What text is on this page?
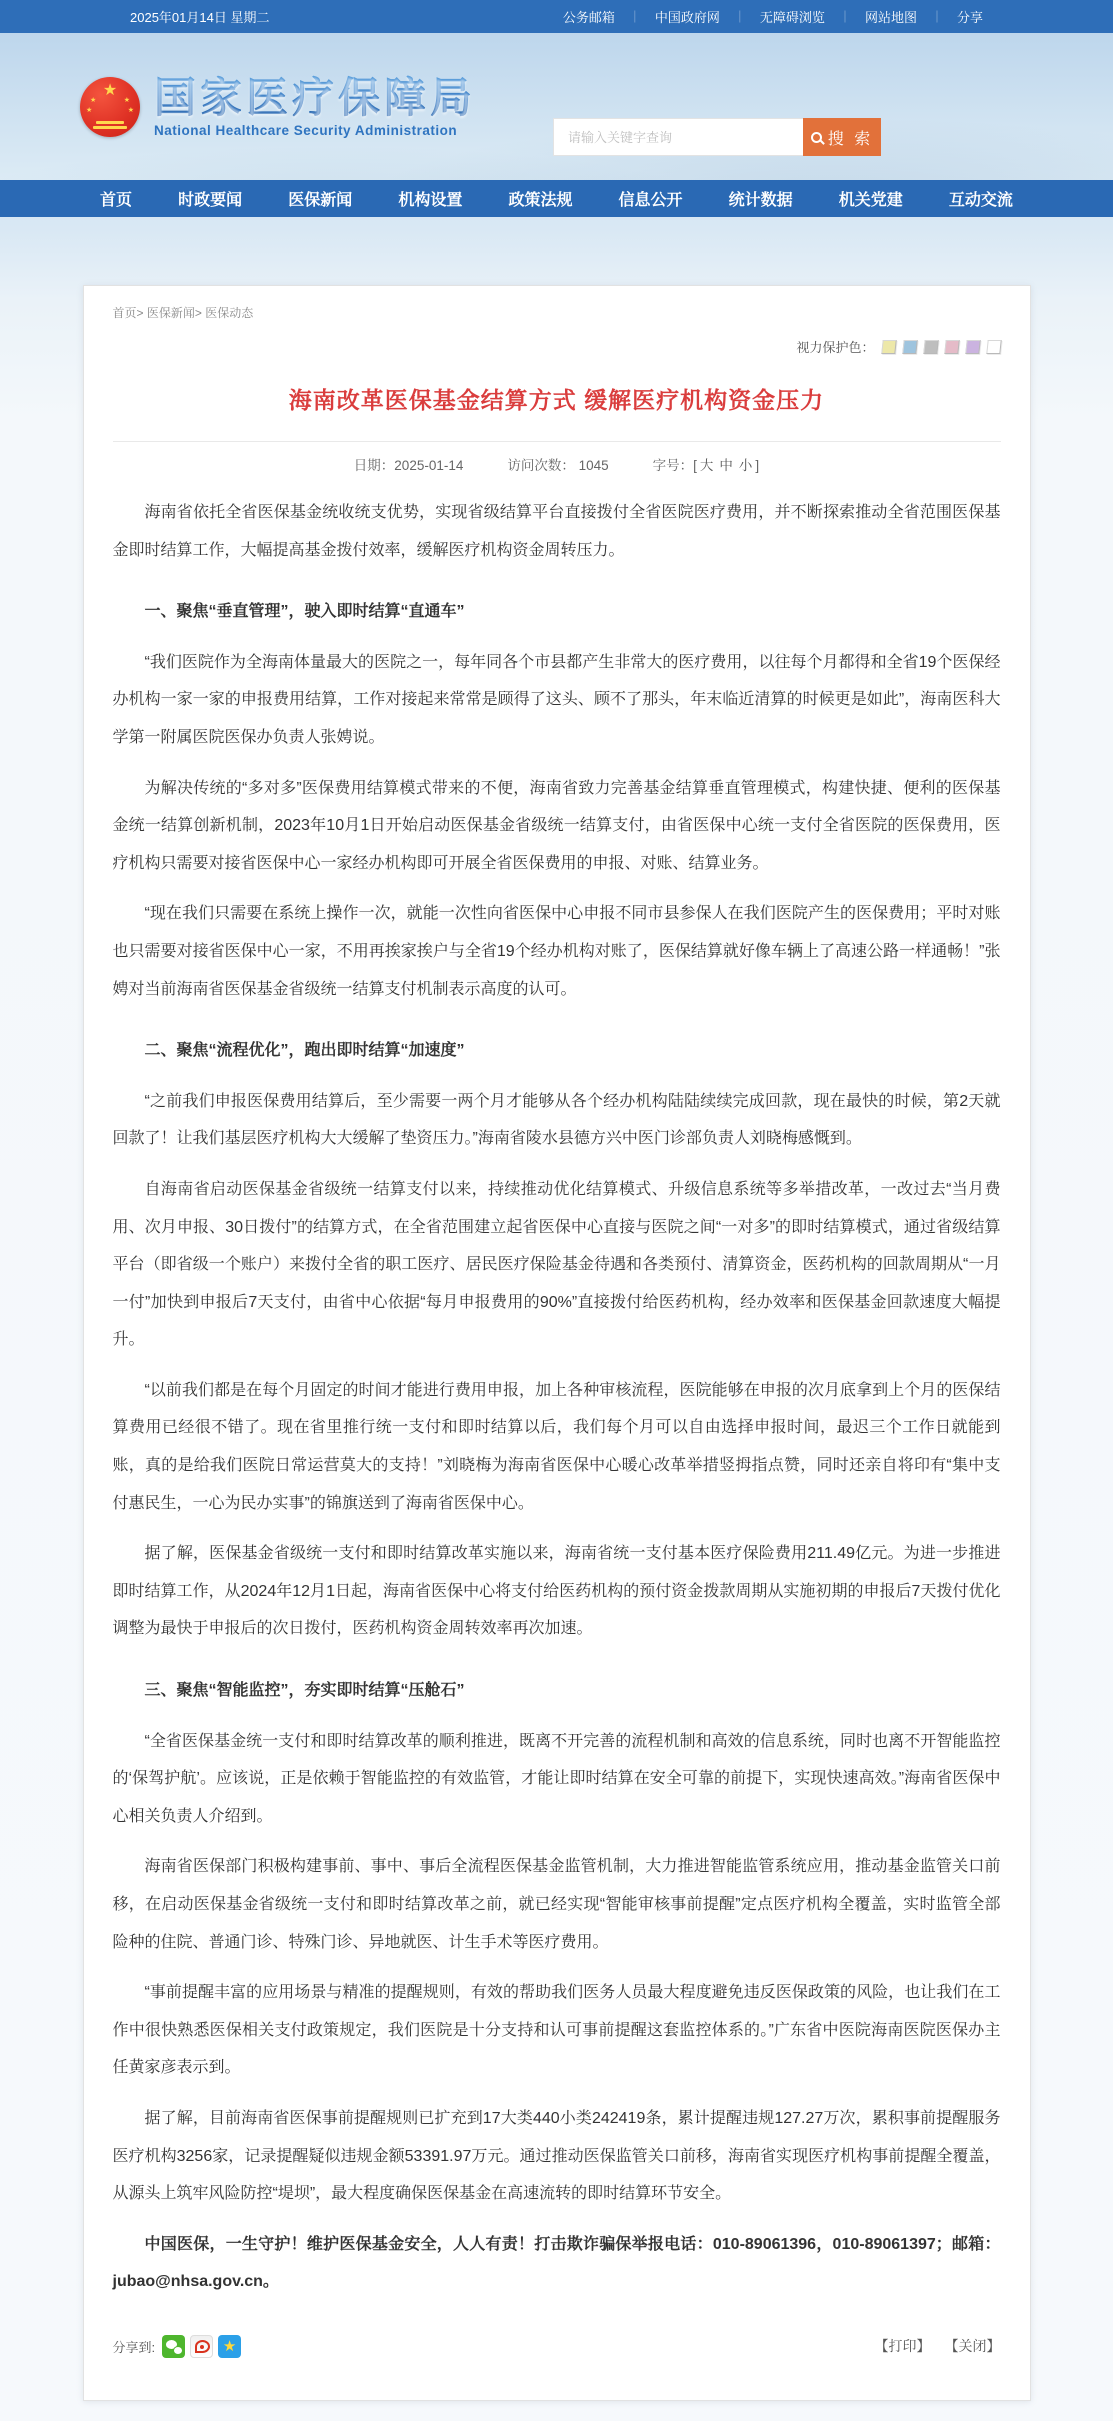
2025年01月14日 星期二	公务邮箱 ｜ 中国政府网 ｜ 无障碍浏览 ｜ 网站地图 ｜ 分享
★
★	★
★	★ 国家医疗保障局
National Healthcare Security Administration
请输入关键字查询	搜 索
首页	时政要闻	医保新闻	机构设置	政策法规	信息公开	统计数据	机关党建	互动交流
首页> 医保新闻> 医保动态
视力保护色：
海南改革医保基金结算方式 缓解医疗机构资金压力
日期：2025-01-14	访问次数： 1045	字号：[ 大 中 小 ]

海南省依托全省医保基金统收统支优势，实现省级结算平台直接拨付全省医院医疗费用，并不断探索推动全省范围医保基金即时结算工作，大幅提高基金拨付效率，缓解医疗机构资金周转压力。

一、聚焦“垂直管理”，驶入即时结算“直通车”

“我们医院作为全海南体量最大的医院之一，每年同各个市县都产生非常大的医疗费用，以往每个月都得和全省19个医保经办机构一家一家的申报费用结算，工作对接起来常常是顾得了这头、顾不了那头，年末临近清算的时候更是如此”，海南医科大学第一附属医院医保办负责人张娉说。

为解决传统的“多对多”医保费用结算模式带来的不便，海南省致力完善基金结算垂直管理模式，构建快捷、便利的医保基金统一结算创新机制，2023年10月1日开始启动医保基金省级统一结算支付，由省医保中心统一支付全省医院的医保费用，医疗机构只需要对接省医保中心一家经办机构即可开展全省医保费用的申报、对账、结算业务。

“现在我们只需要在系统上操作一次，就能一次性向省医保中心申报不同市县参保人在我们医院产生的医保费用；平时对账也只需要对接省医保中心一家，不用再挨家挨户与全省19个经办机构对账了，医保结算就好像车辆上了高速公路一样通畅！”张娉对当前海南省医保基金省级统一结算支付机制表示高度的认可。

二、聚焦“流程优化”，跑出即时结算“加速度”

“之前我们申报医保费用结算后，至少需要一两个月才能够从各个经办机构陆陆续续完成回款，现在最快的时候，第2天就回款了！让我们基层医疗机构大大缓解了垫资压力。”海南省陵水县德方兴中医门诊部负责人刘晓梅感慨到。

自海南省启动医保基金省级统一结算支付以来，持续推动优化结算模式、升级信息系统等多举措改革，一改过去“当月费用、次月申报、30日拨付”的结算方式，在全省范围建立起省医保中心直接与医院之间“一对多”的即时结算模式，通过省级结算平台（即省级一个账户）来拨付全省的职工医疗、居民医疗保险基金待遇和各类预付、清算资金，医药机构的回款周期从“一月一付”加快到申报后7天支付，由省中心依据“每月申报费用的90%”直接拨付给医药机构，经办效率和医保基金回款速度大幅提升。

“以前我们都是在每个月固定的时间才能进行费用申报，加上各种审核流程，医院能够在申报的次月底拿到上个月的医保结算费用已经很不错了。现在省里推行统一支付和即时结算以后，我们每个月可以自由选择申报时间，最迟三个工作日就能到账，真的是给我们医院日常运营莫大的支持！”刘晓梅为海南省医保中心暖心改革举措竖拇指点赞，同时还亲自将印有“集中支付惠民生，一心为民办实事”的锦旗送到了海南省医保中心。

据了解，医保基金省级统一支付和即时结算改革实施以来，海南省统一支付基本医疗保险费用211.49亿元。为进一步推进即时结算工作，从2024年12月1日起，海南省医保中心将支付给医药机构的预付资金拨款周期从实施初期的申报后7天拨付优化调整为最快于申报后的次日拨付，医药机构资金周转效率再次加速。

三、聚焦“智能监控”，夯实即时结算“压舱石”

“全省医保基金统一支付和即时结算改革的顺利推进，既离不开完善的流程机制和高效的信息系统，同时也离不开智能监控的‘保驾护航’。应该说，正是依赖于智能监控的有效监管，才能让即时结算在安全可靠的前提下，实现快速高效。”海南省医保中心相关负责人介绍到。

海南省医保部门积极构建事前、事中、事后全流程医保基金监管机制，大力推进智能监管系统应用，推动基金监管关口前移，在启动医保基金省级统一支付和即时结算改革之前，就已经实现“智能审核事前提醒”定点医疗机构全覆盖，实时监管全部险种的住院、普通门诊、特殊门诊、异地就医、计生手术等医疗费用。

“事前提醒丰富的应用场景与精准的提醒规则，有效的帮助我们医务人员最大程度避免违反医保政策的风险，也让我们在工作中很快熟悉医保相关支付政策规定，我们医院是十分支持和认可事前提醒这套监控体系的。”广东省中医院海南医院医保办主任黄家彦表示到。

据了解，目前海南省医保事前提醒规则已扩充到17大类440小类242419条，累计提醒违规127.27万次，累积事前提醒服务医疗机构3256家，记录提醒疑似违规金额53391.97万元。通过推动医保监管关口前移，海南省实现医疗机构事前提醒全覆盖，从源头上筑牢风险防控“堤坝”，最大程度确保医保基金在高速流转的即时结算环节安全。

中国医保，一生守护！维护医保基金安全，人人有责！打击欺诈骗保举报电话：010-89061396，010-89061397；邮箱：jubao@nhsa.gov.cn。

分享到:	★	【打印】 【关闭】
